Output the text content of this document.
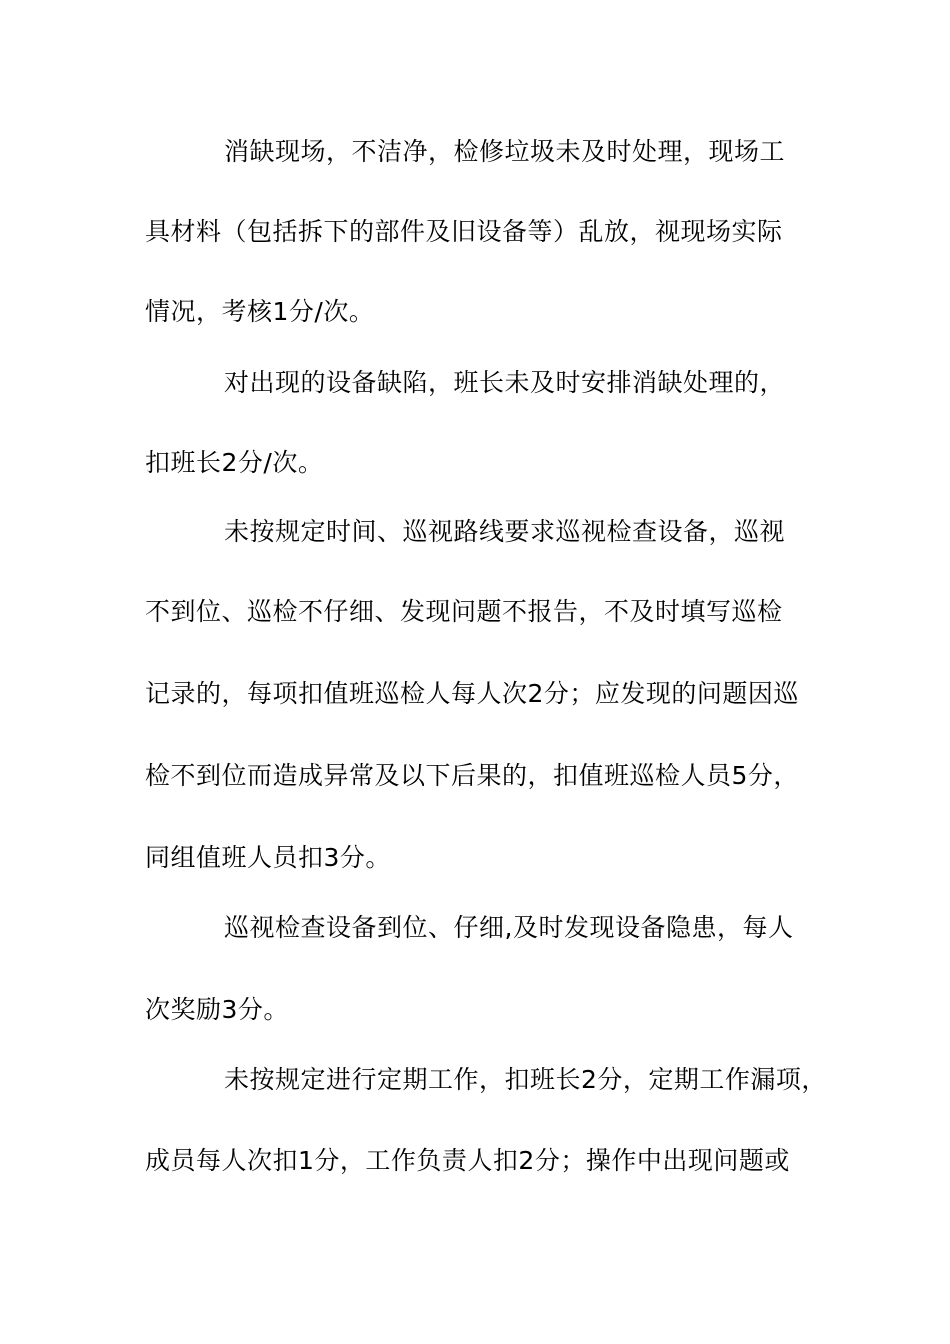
消缺现场，不洁净，检修垃圾未及时处理，现场工
具材料（包括拆下的部件及旧设备等）乱放，视现场实际
情况，考核1分/次。
对出现的设备缺陷，班长未及时安排消缺处理的，
扣班长2分/次。
未按规定时间、巡视路线要求巡视检查设备，巡视
不到位、巡检不仔细、发现问题不报告，不及时填写巡检
记录的，每项扣值班巡检人每人次2分；应发现的问题因巡
检不到位而造成异常及以下后果的，扣值班巡检人员5分，
同组值班人员扣3分。
巡视检查设备到位、仔细,及时发现设备隐患，每人
次奖励3分。
未按规定进行定期工作，扣班长2分，定期工作漏项，
成员每人次扣1分，工作负责人扣2分；操作中出现问题或
